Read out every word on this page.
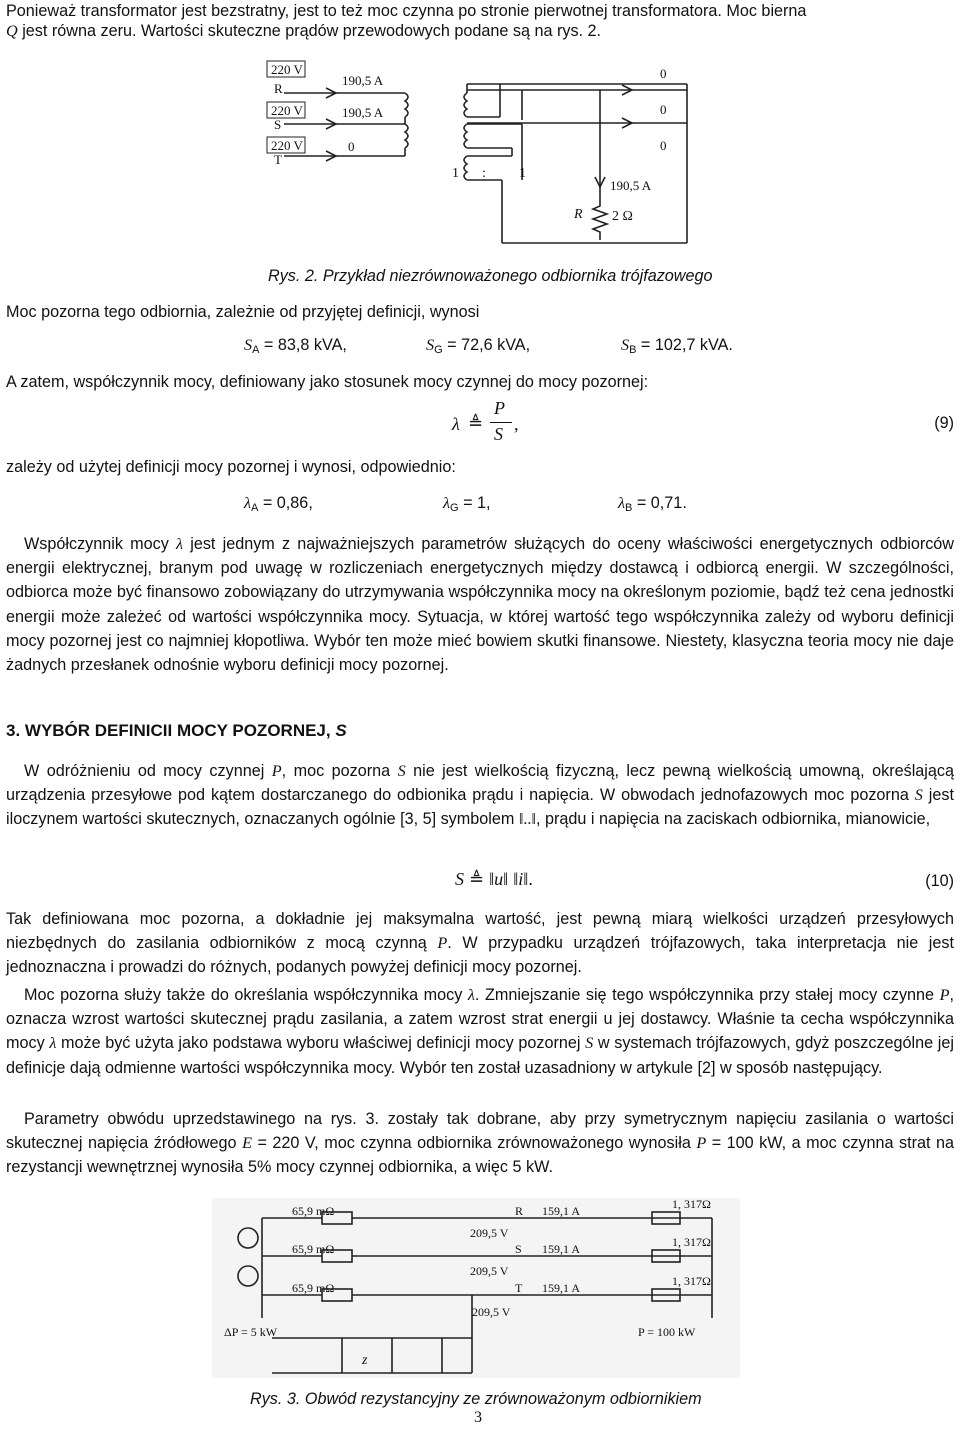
Ponieważ transformator jest bezstratny, jest to też moc czynna po stronie pierwotnej transformatora. Moc bierna
Q jest równa zeru. Wartości skuteczne prądów przewodowych podane są na rys. 2.
220 V
R
220 V
S
220 V
T
190,5 A
190,5 A
0
0
0
0
1 : 1
190,5 A
R 2 Ω
Rys. 2. Przykład niezrównoważonego odbiornika trójfazowego
Moc pozorna tego odbiornia, zależnie od przyjętej definicji, wynosi
$S_A = 83,8$ kVA,	$S_G = 72,6$ kVA,	$S_B = 102,7$ kVA.
A zatem, współczynnik mocy, definiowany jako stosunek mocy czynnej do mocy pozornej:
λ ≜
P
S ,	(9)
zależy od użytej definicji mocy pozornej i wynosi, odpowiednio:
$\lambda_A = 0,86$,	$\lambda_G = 1$,	$\lambda_B = 0,71$.
Współczynnik mocy λ jest jednym z najważniejszych parametrów służących do oceny właściwości energetycznych odbiorców energii elektrycznej, branym pod uwagę w rozliczeniach energetycznych między dostawcą i odbiorcą energii. W szczególności, odbiorca może być finansowo zobowiązany do utrzymywania współczynnika mocy na określonym poziomie, bądź też cena jednostki energii może zależeć od wartości współczynnika mocy. Sytuacja, w której wartość tego współczynnika zależy od wyboru definicji mocy pozornej jest co najmniej kłopotliwa. Wybór ten może mieć bowiem skutki finansowe. Niestety, klasyczna teoria mocy nie daje żadnych przesłanek odnośnie wyboru definicji mocy pozornej.
3. WYBÓR DEFINICII MOCY POZORNEJ, S
W odróżnieniu od mocy czynnej P, moc pozorna S nie jest wielkością fizyczną, lecz pewną wielkością umowną, określającą urządzenia przesyłowe pod kątem dostarczanego do odbionika prądu i napięcia. W obwodach jednofazowych moc pozorna S jest iloczynem wartości skutecznych, oznaczanych ogólnie [3, 5] symbolem ‖..‖, prądu i napięcia na zaciskach odbiornika, mianowicie,
S ≜ ‖u‖ ‖i‖.	(10)
Tak definiowana moc pozorna, a dokładnie jej maksymalna wartość, jest pewną miarą wielkości urządzeń przesyłowych niezbędnych do zasilania odbiorników z mocą czynną P. W przypadku urządzeń trójfazowych, taka interpretacja nie jest jednoznaczna i prowadzi do różnych, podanych powyżej definicji mocy pozornej.
Moc pozorna służy także do określania współczynnika mocy λ. Zmniejszanie się tego współczynnika przy stałej mocy czynne P, oznacza wzrost wartości skutecznej prądu zasilania, a zatem wzrost strat energii u jej dostawcy. Właśnie ta cecha współczynnika mocy λ może być użyta jako podstawa wyboru właściwej definicji mocy pozornej S w systemach trójfazowych, gdyż poszczególne jej definicje dają odmienne wartości współczynnika mocy. Wybór ten został uzasadniony w artykule [2] w sposób następujący.
Parametry obwódu uprzedstawinego na rys. 3. zostały tak dobrane, aby przy symetrycznym napięciu zasilania o wartości skutecznej napięcia źródłowego E = 220 V, moc czynna odbiornika zrównoważonego wynosiła P = 100 kW, a moc czynna strat na rezystancji wewnętrznej wynosiła 5% mocy czynnej odbiornika, a więc 5 kW.
65,9 mΩ
65,9 mΩ
65,9 mΩ
209,5 V
209,5 V
209,5 V
R
S
T
159,1 A
159,1 A
159,1 A
1, 317Ω
1, 317Ω
1, 317Ω
ΔP = 5 kW	P = 100 kW
z
Rys. 3. Obwód rezystancyjny ze zrównoważonym odbiornikiem
3
